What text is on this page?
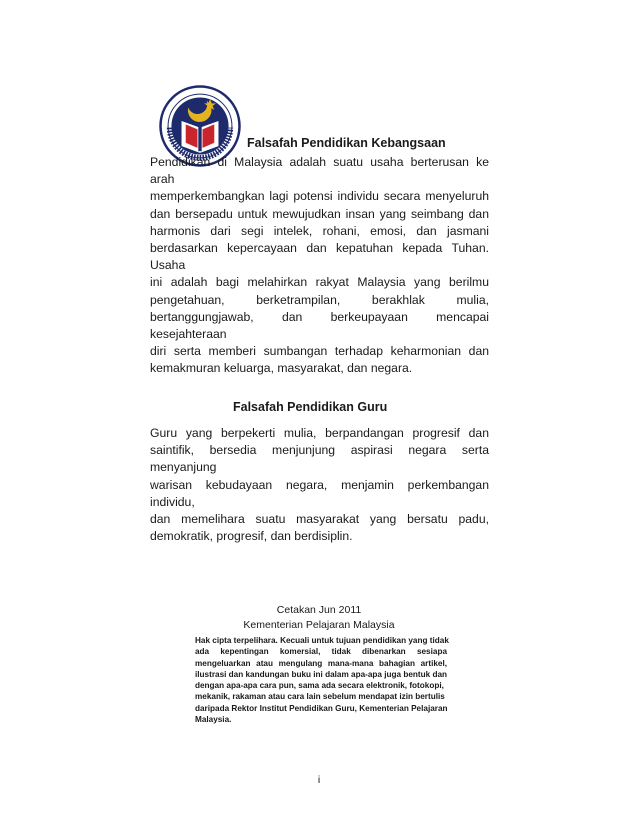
Falsafah Pendidikan Kebangsaan
Pendidikan di Malaysia adalah suatu usaha berterusan ke arah
memperkembangkan lagi potensi individu secara menyeluruh
dan bersepadu untuk mewujudkan insan yang seimbang dan
harmonis dari segi intelek, rohani, emosi, dan jasmani
berdasarkan kepercayaan dan kepatuhan kepada Tuhan. Usaha
ini adalah bagi melahirkan rakyat Malaysia yang berilmu
pengetahuan, berketrampilan, berakhlak mulia,
bertanggungjawab, dan berkeupayaan mencapai kesejahteraan
diri serta memberi sumbangan terhadap keharmonian dan
kemakmuran keluarga, masyarakat, dan negara.
Falsafah Pendidikan Guru
Guru yang berpekerti mulia, berpandangan progresif dan
saintifik, bersedia menjunjung aspirasi negara serta menyanjung
warisan kebudayaan negara, menjamin perkembangan individu,
dan memelihara suatu masyarakat yang bersatu padu,
demokratik, progresif, dan berdisiplin.
Cetakan Jun 2011
Kementerian Pelajaran Malaysia
Hak cipta terpelihara. Kecuali untuk tujuan pendidikan yang tidak
ada kepentingan komersial, tidak dibenarkan sesiapa
mengeluarkan atau mengulang mana-mana bahagian artikel,
ilustrasi dan kandungan buku ini dalam apa-apa juga bentuk dan
dengan apa-apa cara pun, sama ada secara elektronik, fotokopi,
mekanik, rakaman atau cara lain sebelum mendapat izin bertulis
daripada Rektor Institut Pendidikan Guru, Kementerian Pelajaran
Malaysia.
i
